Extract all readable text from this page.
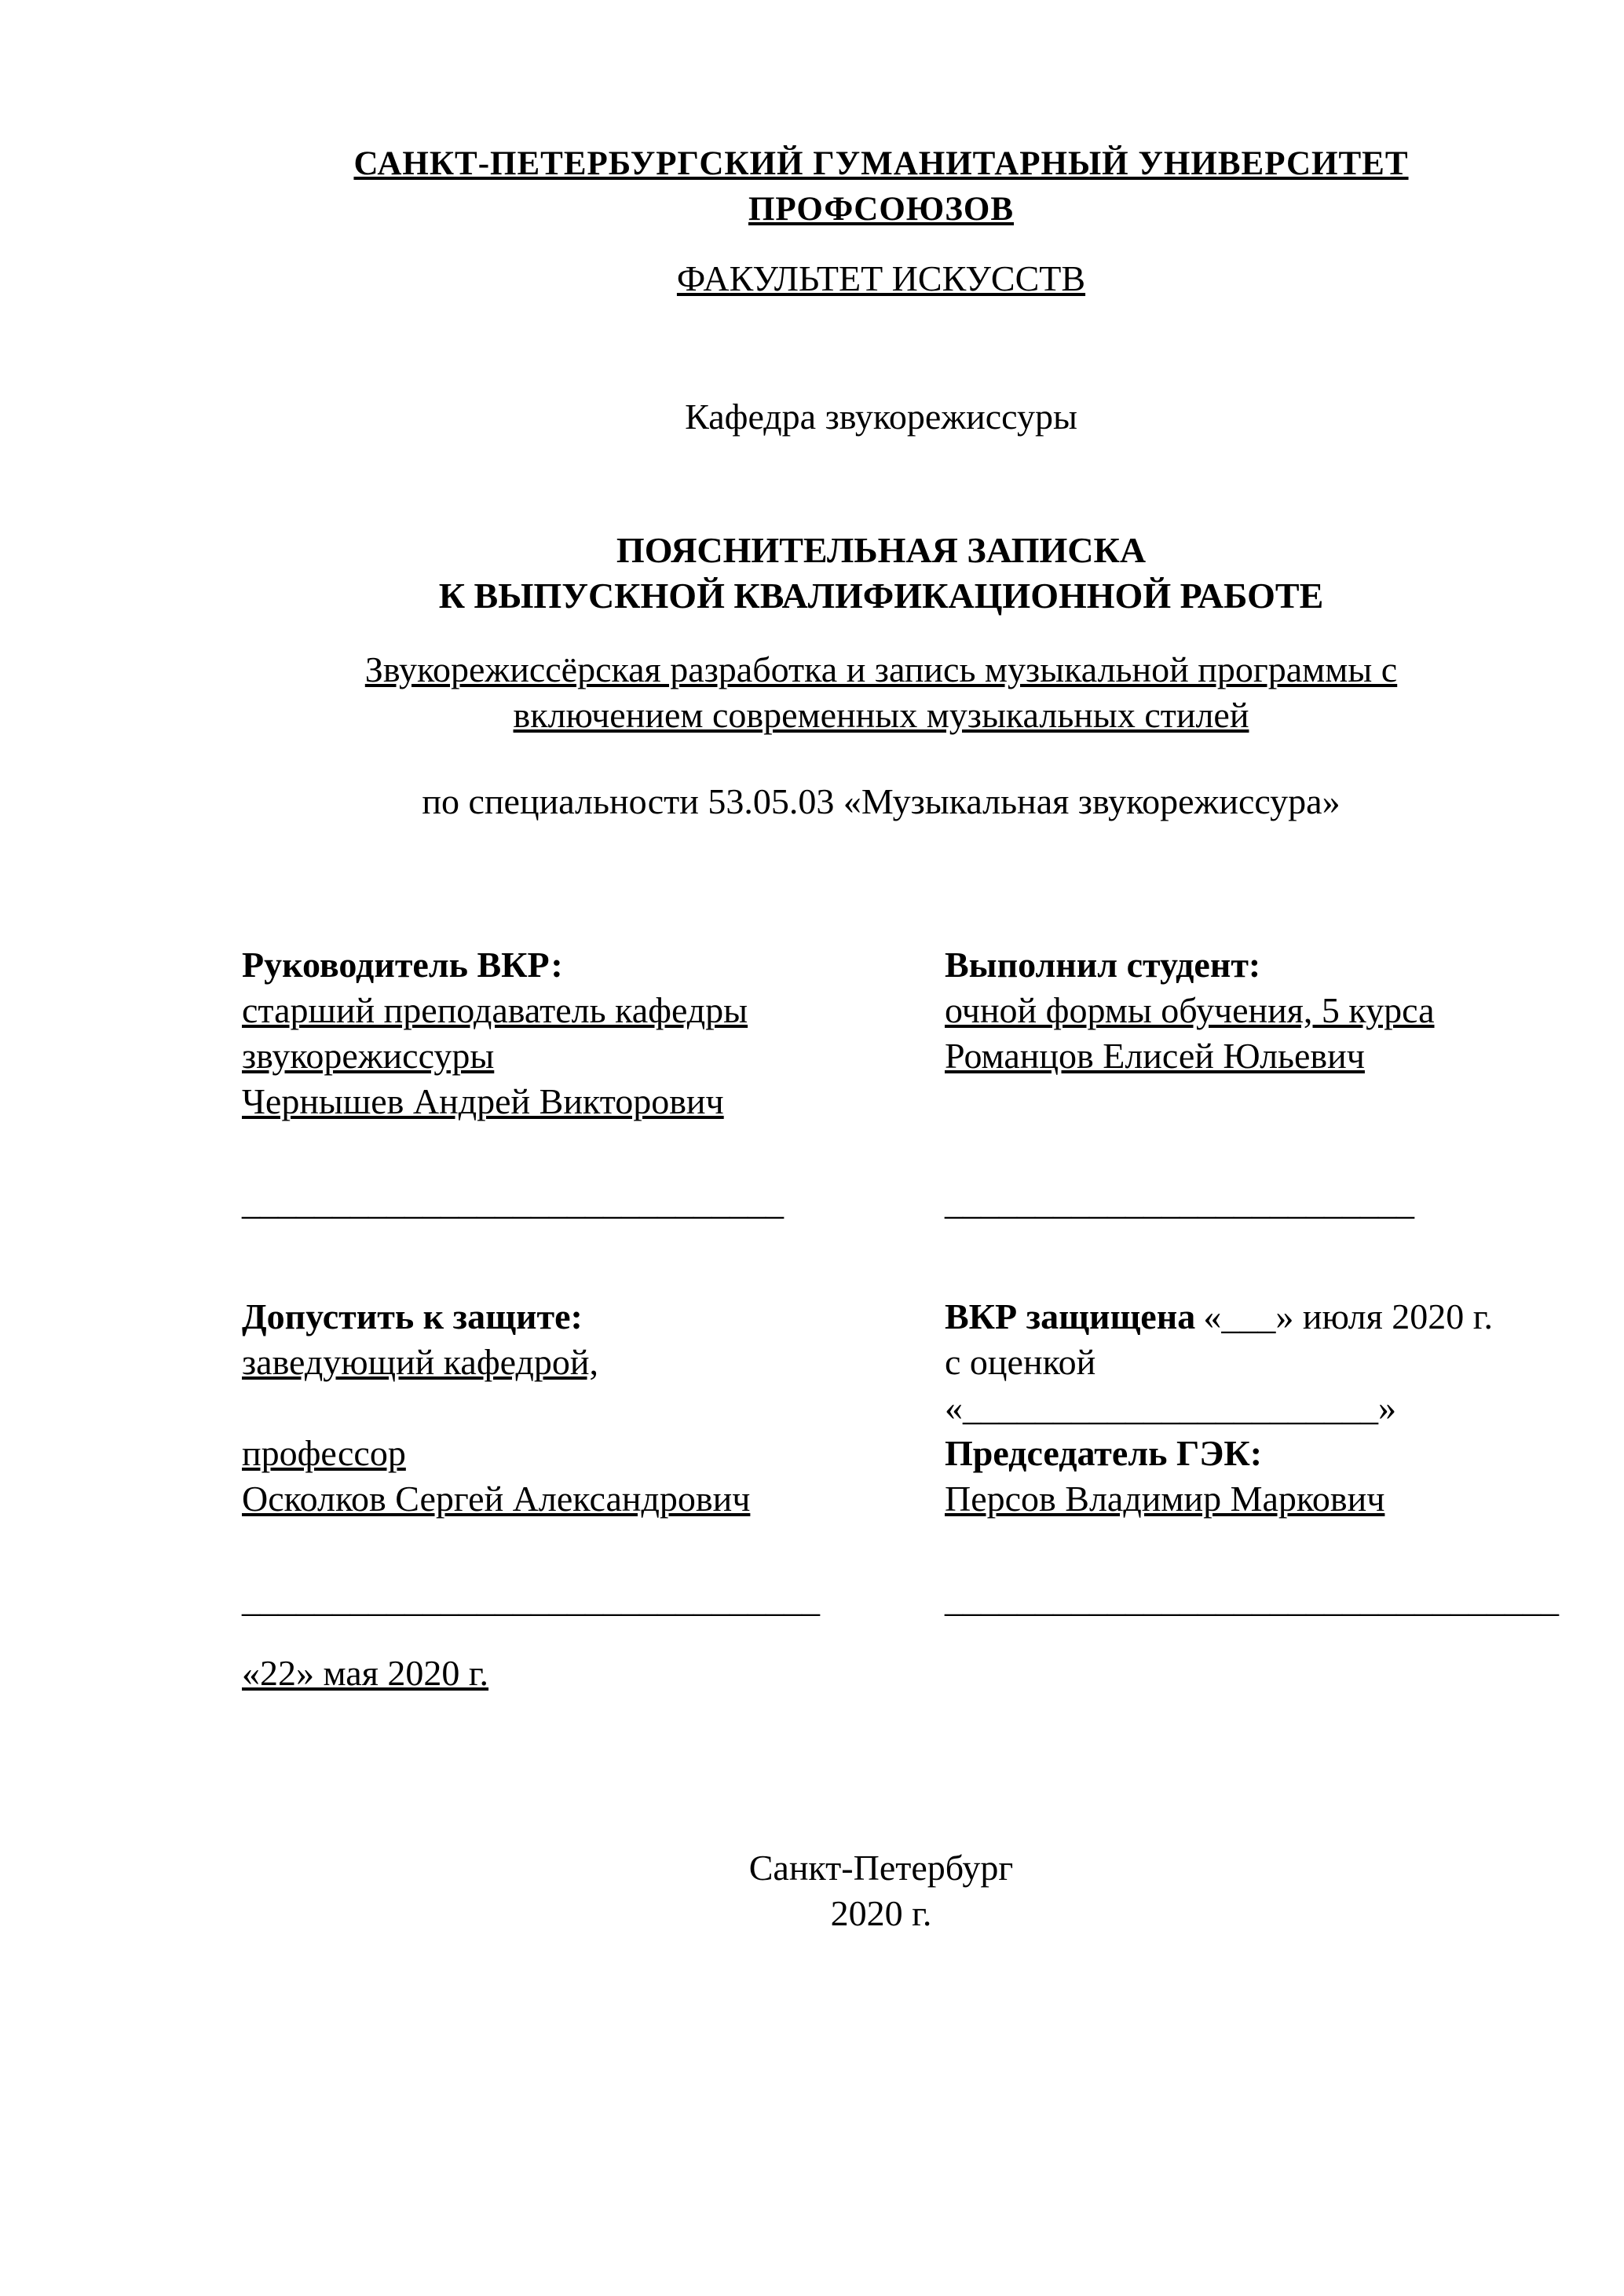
САНКТ-ПЕТЕРБУРГСКИЙ ГУМАНИТАРНЫЙ УНИВЕРСИТЕТ ПРОФСОЮЗОВ
ФАКУЛЬТЕТ ИСКУССТВ
Кафедра звукорежиссуры
ПОЯСНИТЕЛЬНАЯ ЗАПИСКА
К ВЫПУСКНОЙ КВАЛИФИКАЦИОННОЙ РАБОТЕ
Звукорежиссёрская разработка и запись музыкальной программы с
включением современных музыкальных стилей
по специальности 53.05.03 «Музыкальная звукорежиссура»
Руководитель ВКР:	Выполнил студент:
старший преподаватель кафедры	очной формы обучения, 5 курса
звукорежиссуры	Романцов Елисей Юльевич
Чернышев Андрей Викторович
______________________________	__________________________
Допустить к защите:	ВКР защищена «___» июля 2020 г.
заведующий кафедрой,	с оценкой «_______________________»
профессор	Председатель ГЭК:
Осколков Сергей Александрович	Персов Владимир Маркович
________________________________	__________________________________
«22» мая 2020 г.
Санкт-Петербург
2020 г.
